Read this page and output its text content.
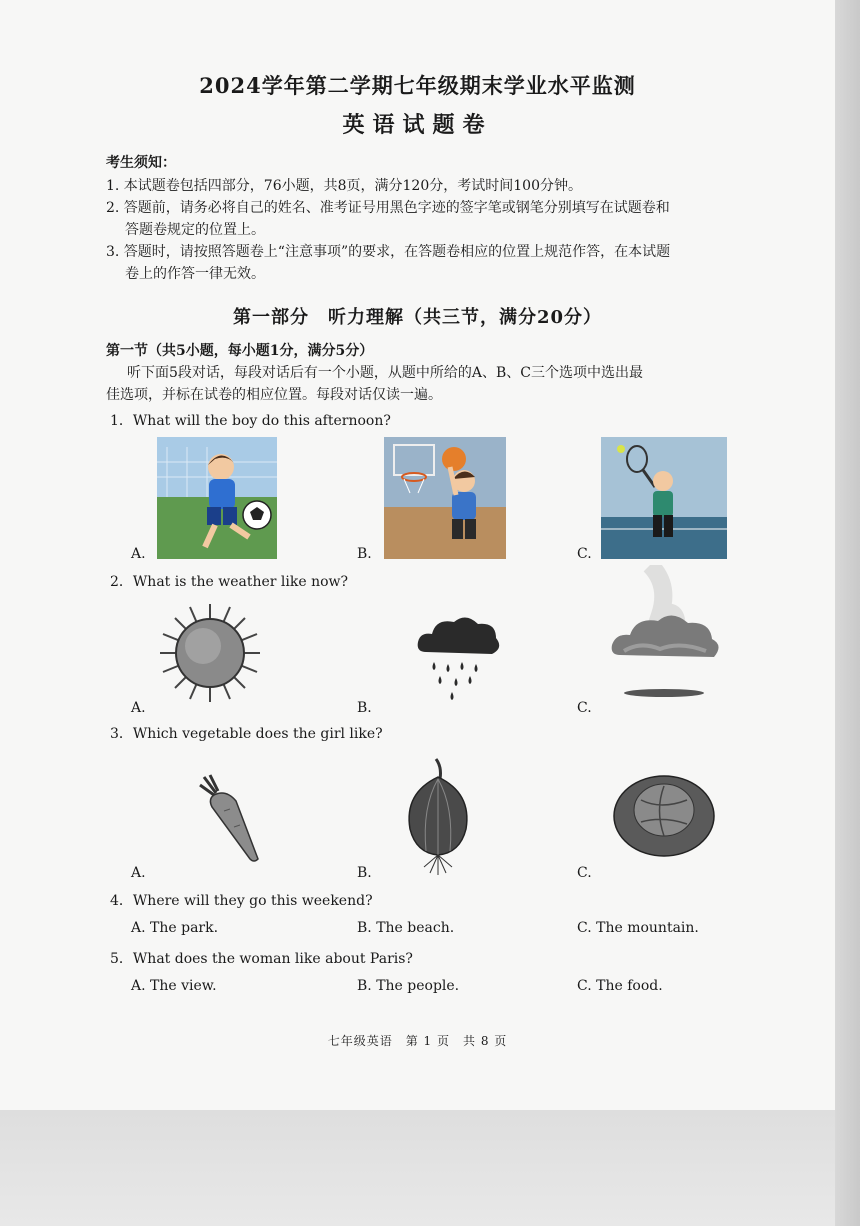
2024学年第二学期七年级期末学业水平监测
英语试题卷
考生须知：
1. 本试题卷包括四部分，76小题，共8页，满分120分，考试时间100分钟。
2. 答题前，请务必将自己的姓名、准考证号用黑色字迹的签字笔或钢笔分别填写在试题卷和
答题卷规定的位置上。
3. 答题时，请按照答题卷上“注意事项”的要求，在答题卷相应的位置上规范作答，在本试题
卷上的作答一律无效。
第一部分　听力理解（共三节，满分20分）
第一节（共5小题，每小题1分，满分5分）
听下面5段对话，每段对话后有一个小题，从题中所给的A、B、C三个选项中选出最
佳选项，并标在试卷的相应位置。每段对话仅读一遍。
1．What will the boy do this afternoon?
A.	B.	C.
2．What is the weather like now?
A.	B.	C.
3．Which vegetable does the girl like?
A.	B.	C.
4．Where will they go this weekend?
A. The park.	B. The beach.	C. The mountain.
5．What does the woman like about Paris?
A. The view.	B. The people.	C. The food.
七年级英语　第 1 页　共 8 页
